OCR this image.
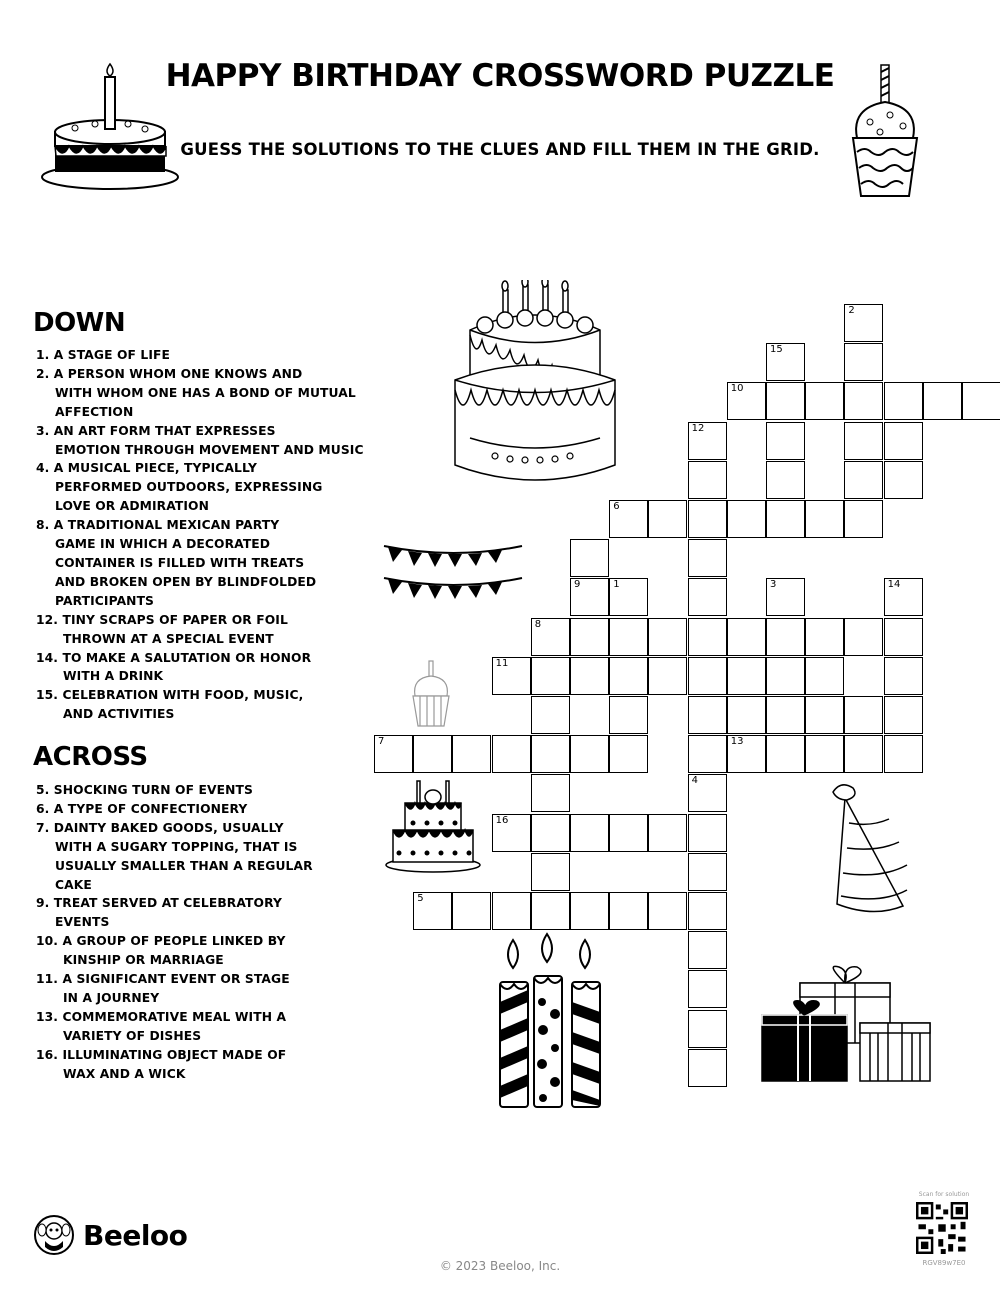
HAPPY BIRTHDAY CROSSWORD PUZZLE
GUESS THE SOLUTIONS TO THE CLUES AND FILL THEM IN THE GRID.
DOWN
1. A STAGE OF LIFE
2. A PERSON WHOM ONE KNOWS AND
WITH WHOM ONE HAS A BOND OF MUTUAL
AFFECTION
3. AN ART FORM THAT EXPRESSES
EMOTION THROUGH MOVEMENT AND MUSIC
4. A MUSICAL PIECE, TYPICALLY
PERFORMED OUTDOORS, EXPRESSING
LOVE OR ADMIRATION
8. A TRADITIONAL MEXICAN PARTY
GAME IN WHICH A DECORATED
CONTAINER IS FILLED WITH TREATS
AND BROKEN OPEN BY BLINDFOLDED
PARTICIPANTS
12. TINY SCRAPS OF PAPER OR FOIL
THROWN AT A SPECIAL EVENT
14. TO MAKE A SALUTATION OR HONOR
WITH A DRINK
15. CELEBRATION WITH FOOD, MUSIC,
AND ACTIVITIES
ACROSS
5. SHOCKING TURN OF EVENTS
6. A TYPE OF CONFECTIONERY
7. DAINTY BAKED GOODS, USUALLY
WITH A SUGARY TOPPING, THAT IS
USUALLY SMALLER THAN A REGULAR
CAKE
9. TREAT SERVED AT CELEBRATORY
EVENTS
10. A GROUP OF PEOPLE LINKED BY
KINSHIP OR MARRIAGE
11. A SIGNIFICANT EVENT OR STAGE
IN A JOURNEY
13. COMMEMORATIVE MEAL WITH A
VARIETY OF DISHES
16. ILLUMINATING OBJECT MADE OF
WAX AND A WICK
2
15
10
12
6
9	1	3	14
8
11
7	13
4
16
5
Beeloo
© 2023 Beeloo, Inc.
Scan for solution
RGV89w7E0
